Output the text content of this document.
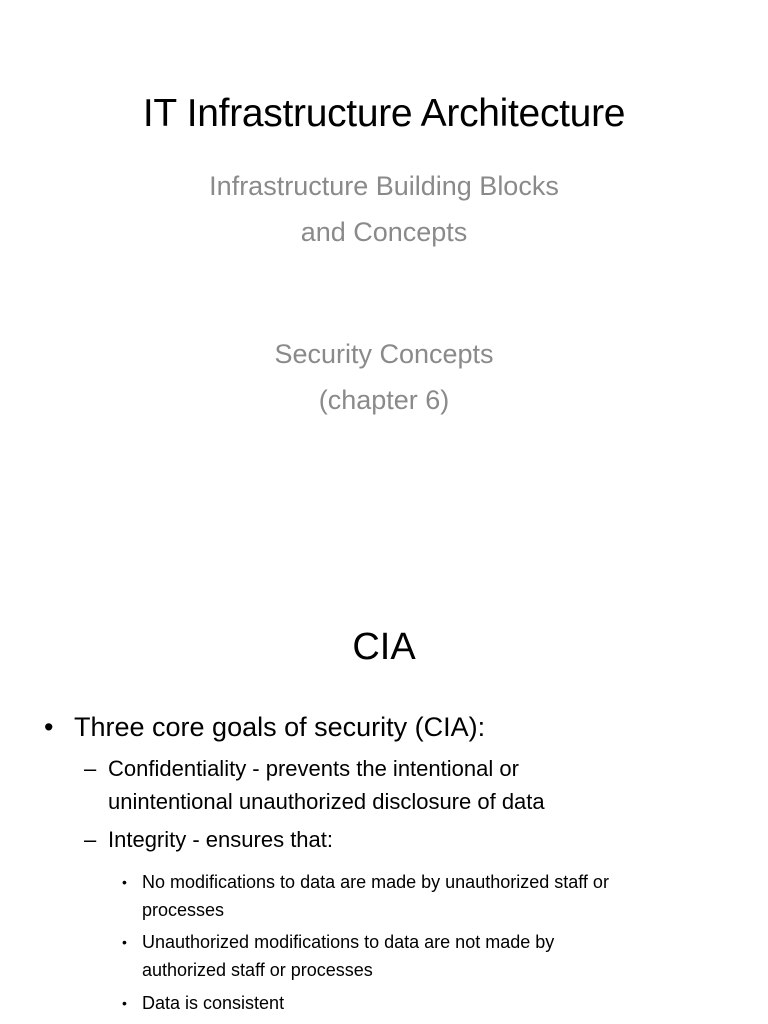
IT Infrastructure Architecture
Infrastructure Building Blocks
and Concepts
Security Concepts
(chapter 6)
CIA
• Three core goals of security (CIA):
– Confidentiality - prevents the intentional or
unintentional unauthorized disclosure of data
– Integrity - ensures that:
• No modifications to data are made by unauthorized staff or
processes
• Unauthorized modifications to data are not made by
authorized staff or processes
• Data is consistent
